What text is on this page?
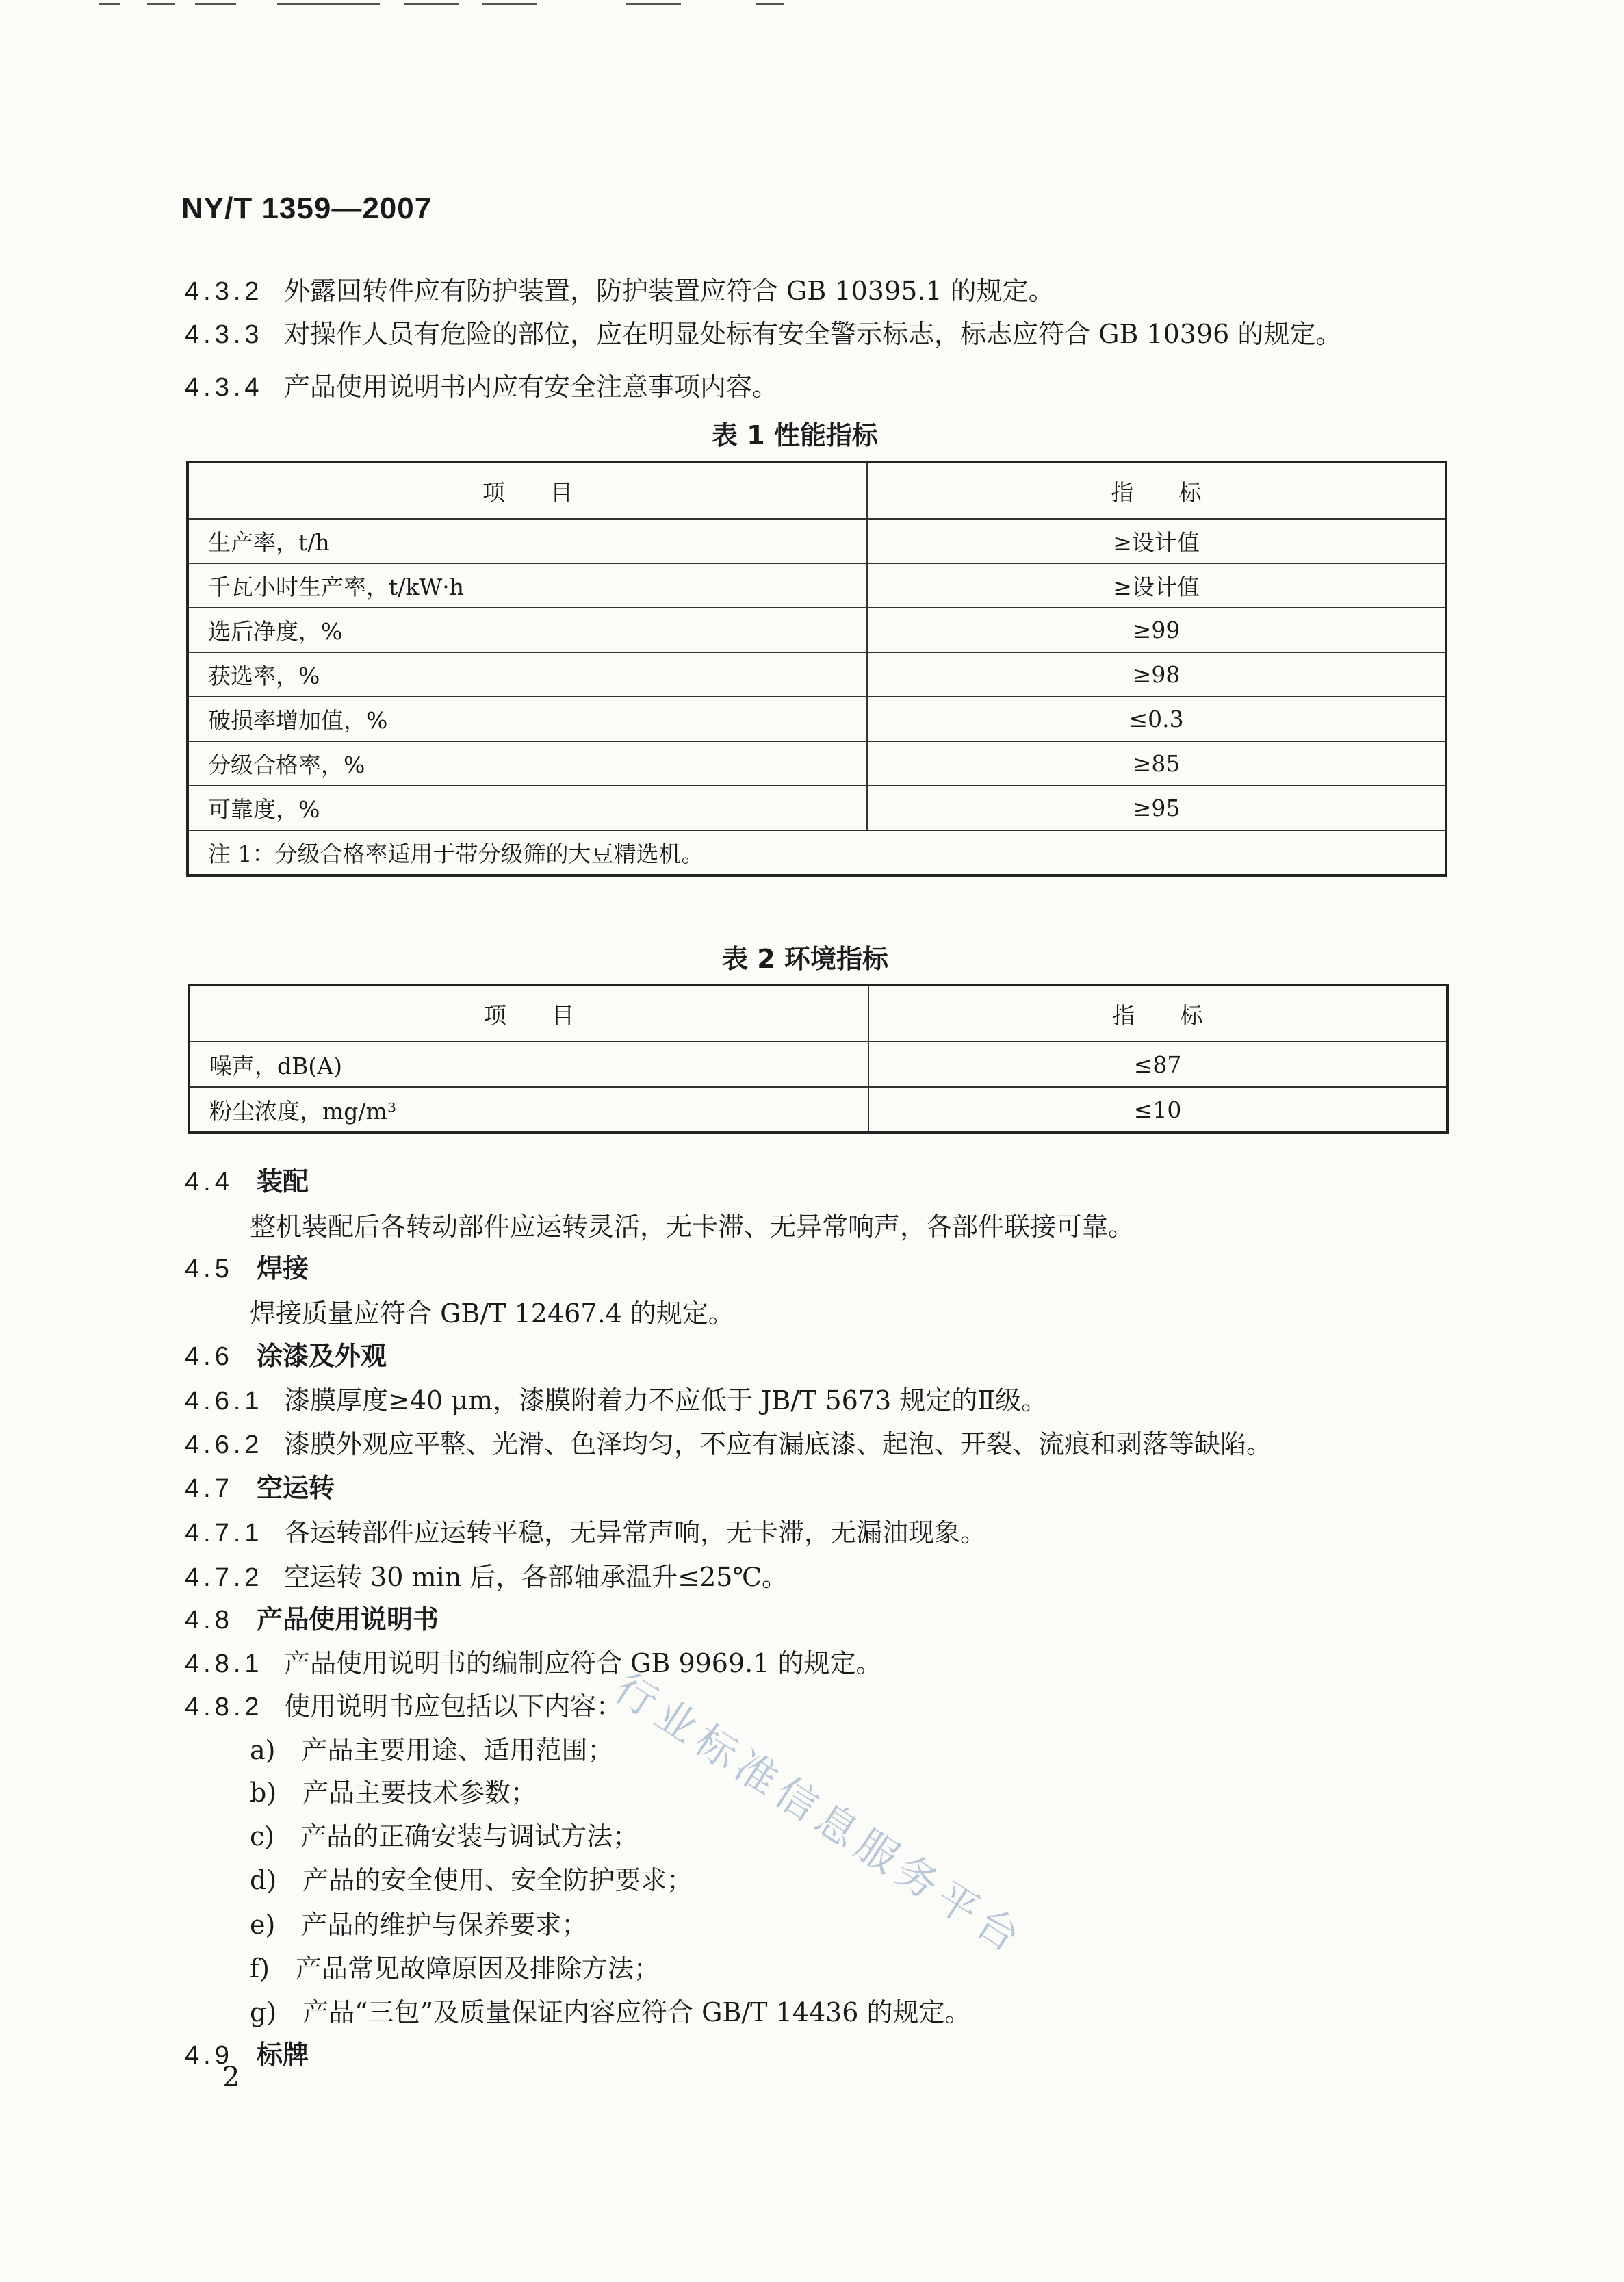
NY/T 1359—2007
4.3.2 外露回转件应有防护装置，防护装置应符合 GB 10395.1 的规定。
4.3.3 对操作人员有危险的部位，应在明显处标有安全警示标志，标志应符合 GB 10396 的规定。
4.3.4 产品使用说明书内应有安全注意事项内容。
表 1 性能指标
项　　目	指　　标
生产率，t/h	≥设计值
千瓦小时生产率，t/kW·h	≥设计值
选后净度，%	≥99
获选率，%	≥98
破损率增加值，%	≤0.3
分级合格率，%	≥85
可靠度，%	≥95
注 1：分级合格率适用于带分级筛的大豆精选机。	
表 2 环境指标
项　　目	指　　标
噪声，dB(A)	≤87
粉尘浓度，mg/m³	≤10
4.4 装配
整机装配后各转动部件应运转灵活，无卡滞、无异常响声，各部件联接可靠。
4.5 焊接
焊接质量应符合 GB/T 12467.4 的规定。
4.6 涂漆及外观
4.6.1 漆膜厚度≥40 μm，漆膜附着力不应低于 JB/T 5673 规定的Ⅱ级。
4.6.2 漆膜外观应平整、光滑、色泽均匀，不应有漏底漆、起泡、开裂、流痕和剥落等缺陷。
4.7 空运转
4.7.1 各运转部件应运转平稳，无异常声响，无卡滞，无漏油现象。
4.7.2 空运转 30 min 后，各部轴承温升≤25℃。
4.8 产品使用说明书
4.8.1 产品使用说明书的编制应符合 GB 9969.1 的规定。
4.8.2 使用说明书应包括以下内容：
a)　产品主要用途、适用范围；
b)　产品主要技术参数；
c)　产品的正确安装与调试方法；
d)　产品的安全使用、安全防护要求；
e)　产品的维护与保养要求；
f)　产品常见故障原因及排除方法；
g)　产品“三包”及质量保证内容应符合 GB/T 14436 的规定。
4.9 标牌
行业标准信息服务平台
2
